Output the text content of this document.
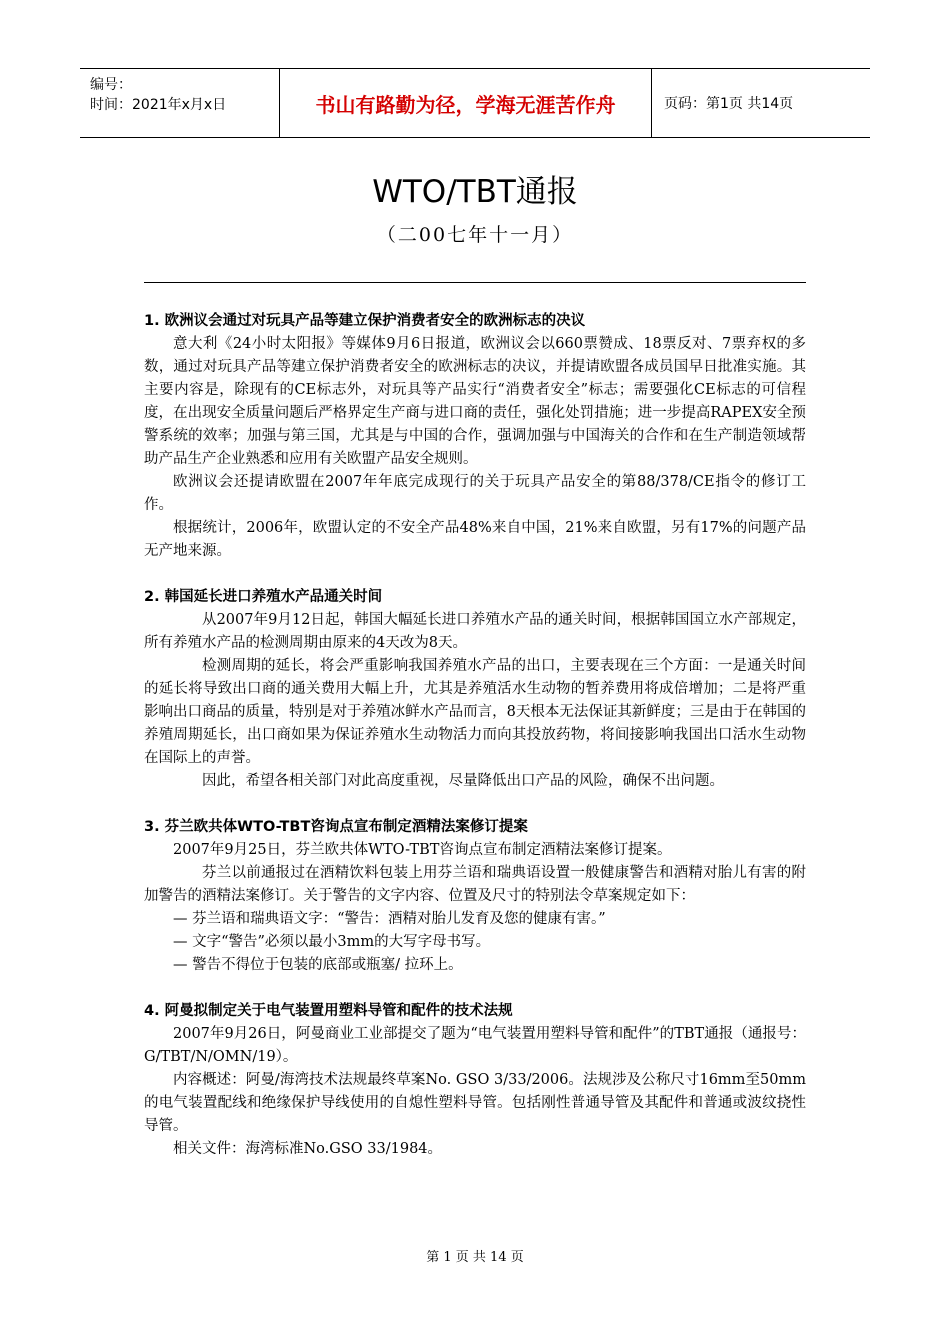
编号：
时间：2021年x月x日	书山有路勤为径，学海无涯苦作舟	页码：第1页 共14页
WTO/TBT通报
（二00七年十一月）
1. 欧洲议会通过对玩具产品等建立保护消费者安全的欧洲标志的决议

意大利《24小时太阳报》等媒体9月6日报道，欧洲议会以660票赞成、18票反对、7票弃权的多数，通过对玩具产品等建立保护消费者安全的欧洲标志的决议，并提请欧盟各成员国早日批准实施。其主要内容是，除现有的CE标志外，对玩具等产品实行“消费者安全”标志；需要强化CE标志的可信程度，在出现安全质量问题后严格界定生产商与进口商的责任，强化处罚措施；进一步提高RAPEX安全预警系统的效率；加强与第三国，尤其是与中国的合作，强调加强与中国海关的合作和在生产制造领域帮助产品生产企业熟悉和应用有关欧盟产品安全规则。

欧洲议会还提请欧盟在2007年年底完成现行的关于玩具产品安全的第88/378/CE指令的修订工作。

根据统计，2006年，欧盟认定的不安全产品48%来自中国，21%来自欧盟，另有17%的问题产品无产地来源。

2. 韩国延长进口养殖水产品通关时间

从2007年9月12日起，韩国大幅延长进口养殖水产品的通关时间，根据韩国国立水产部规定，所有养殖水产品的检测周期由原来的4天改为8天。

检测周期的延长，将会严重影响我国养殖水产品的出口，主要表现在三个方面：一是通关时间的延长将导致出口商的通关费用大幅上升，尤其是养殖活水生动物的暂养费用将成倍增加；二是将严重影响出口商品的质量，特别是对于养殖冰鲜水产品而言，8天根本无法保证其新鲜度；三是由于在韩国的养殖周期延长，出口商如果为保证养殖水生动物活力而向其投放药物，将间接影响我国出口活水生动物在国际上的声誉。

因此，希望各相关部门对此高度重视，尽量降低出口产品的风险，确保不出问题。

3. 芬兰欧共体WTO-TBT咨询点宣布制定酒精法案修订提案

2007年9月25日，芬兰欧共体WTO-TBT咨询点宣布制定酒精法案修订提案。

芬兰以前通报过在酒精饮料包装上用芬兰语和瑞典语设置一般健康警告和酒精对胎儿有害的附加警告的酒精法案修订。关于警告的文字内容、位置及尺寸的特别法令草案规定如下：

— 芬兰语和瑞典语文字：“警告：酒精对胎儿发育及您的健康有害。”
— 文字“警告”必须以最小3mm的大写字母书写。
— 警告不得位于包装的底部或瓶塞/ 拉环上。
4. 阿曼拟制定关于电气装置用塑料导管和配件的技术法规

2007年9月26日，阿曼商业工业部提交了题为“电气装置用塑料导管和配件”的TBT通报（通报号：G/TBT/N/OMN/19）。

内容概述：阿曼/海湾技术法规最终草案No. GSO 3/33/2006。法规涉及公称尺寸16mm至50mm的电气装置配线和绝缘保护导线使用的自熄性塑料导管。包括刚性普通导管及其配件和普通或波纹挠性导管。

相关文件：海湾标准No.GSO 33/1984。

第 1 页 共 14 页
